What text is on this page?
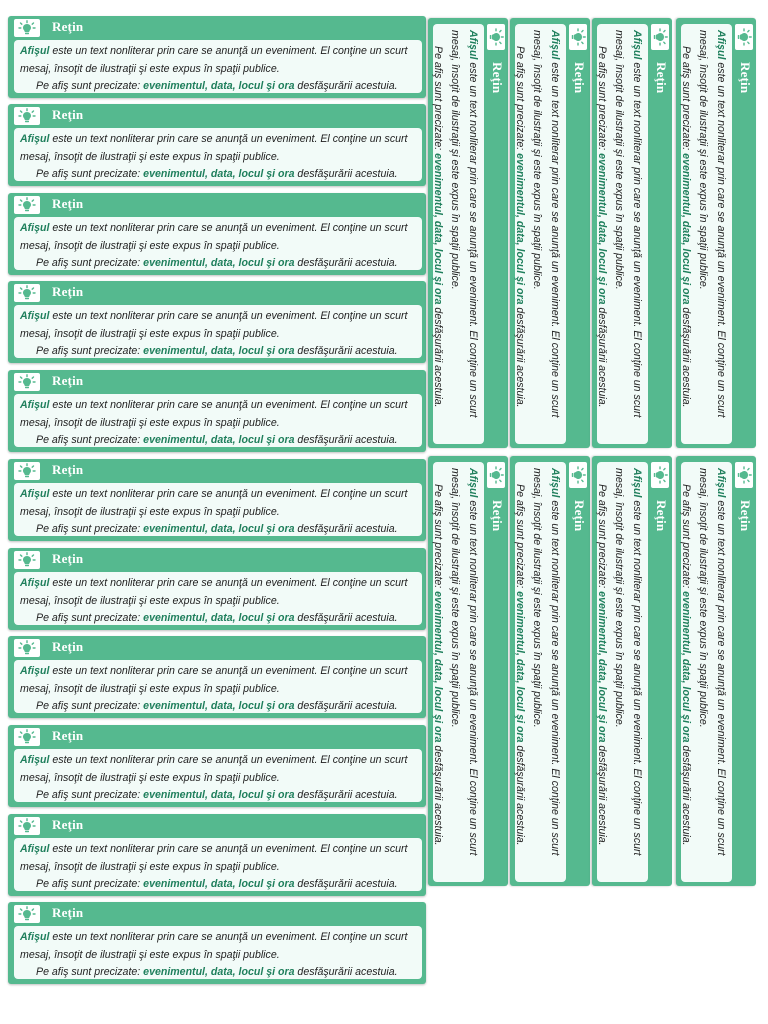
Reţin

Afişul este un text nonliterar prin care se anunţă un eveniment. El conţine un scurt mesaj, însoţit de ilustraţii şi este expus în spaţii publice.

Pe afiş sunt precizate: evenimentul, data, locul şi ora desfăşurării acestuia.

Reţin

Afişul este un text nonliterar prin care se anunţă un eveniment. El conţine un scurt mesaj, însoţit de ilustraţii şi este expus în spaţii publice.

Pe afiş sunt precizate: evenimentul, data, locul şi ora desfăşurării acestuia.

Reţin

Afişul este un text nonliterar prin care se anunţă un eveniment. El conţine un scurt mesaj, însoţit de ilustraţii şi este expus în spaţii publice.

Pe afiş sunt precizate: evenimentul, data, locul şi ora desfăşurării acestuia.

Reţin

Afişul este un text nonliterar prin care se anunţă un eveniment. El conţine un scurt mesaj, însoţit de ilustraţii şi este expus în spaţii publice.

Pe afiş sunt precizate: evenimentul, data, locul şi ora desfăşurării acestuia.

Reţin

Afişul este un text nonliterar prin care se anunţă un eveniment. El conţine un scurt mesaj, însoţit de ilustraţii şi este expus în spaţii publice.

Pe afiş sunt precizate: evenimentul, data, locul şi ora desfăşurării acestuia.

Reţin

Afişul este un text nonliterar prin care se anunţă un eveniment. El conţine un scurt mesaj, însoţit de ilustraţii şi este expus în spaţii publice.

Pe afiş sunt precizate: evenimentul, data, locul şi ora desfăşurării acestuia.

Reţin

Afişul este un text nonliterar prin care se anunţă un eveniment. El conţine un scurt mesaj, însoţit de ilustraţii şi este expus în spaţii publice.

Pe afiş sunt precizate: evenimentul, data, locul şi ora desfăşurării acestuia.

Reţin

Afişul este un text nonliterar prin care se anunţă un eveniment. El conţine un scurt mesaj, însoţit de ilustraţii şi este expus în spaţii publice.

Pe afiş sunt precizate: evenimentul, data, locul şi ora desfăşurării acestuia.

Reţin

Afişul este un text nonliterar prin care se anunţă un eveniment. El conţine un scurt mesaj, însoţit de ilustraţii şi este expus în spaţii publice.

Pe afiş sunt precizate: evenimentul, data, locul şi ora desfăşurării acestuia.

Reţin

Afişul este un text nonliterar prin care se anunţă un eveniment. El conţine un scurt mesaj, însoţit de ilustraţii şi este expus în spaţii publice.

Pe afiş sunt precizate: evenimentul, data, locul şi ora desfăşurării acestuia.

Reţin

Afişul este un text nonliterar prin care se anunţă un eveniment. El conţine un scurt mesaj, însoţit de ilustraţii şi este expus în spaţii publice.

Pe afiş sunt precizate: evenimentul, data, locul şi ora desfăşurării acestuia.

Reţin

Afişul este un text nonliterar prin care se anunţă un eveniment. El conţine un scurt mesaj, însoţit de ilustraţii şi este expus în spaţii publice.

Pe afiş sunt precizate: evenimentul, data, locul şi ora desfăşurării acestuia.

Reţin

Afişul este un text nonliterar prin care se anunţă un eveniment. El conţine un scurt mesaj, însoţit de ilustraţii şi este expus în spaţii publice.

Pe afiş sunt precizate: evenimentul, data, locul şi ora desfăşurării acestuia.

Reţin

Afişul este un text nonliterar prin care se anunţă un eveniment. El conţine un scurt mesaj, însoţit de ilustraţii şi este expus în spaţii publice.

Pe afiş sunt precizate: evenimentul, data, locul şi ora desfăşurării acestuia.

Reţin

Afişul este un text nonliterar prin care se anunţă un eveniment. El conţine un scurt mesaj, însoţit de ilustraţii şi este expus în spaţii publice.

Pe afiş sunt precizate: evenimentul, data, locul şi ora desfăşurării acestuia.

Reţin

Afişul este un text nonliterar prin care se anunţă un eveniment. El conţine un scurt mesaj, însoţit de ilustraţii şi este expus în spaţii publice.

Pe afiş sunt precizate: evenimentul, data, locul şi ora desfăşurării acestuia.

Reţin

Afişul este un text nonliterar prin care se anunţă un eveniment. El conţine un scurt mesaj, însoţit de ilustraţii şi este expus în spaţii publice.

Pe afiş sunt precizate: evenimentul, data, locul şi ora desfăşurării acestuia.

Reţin

Afişul este un text nonliterar prin care se anunţă un eveniment. El conţine un scurt mesaj, însoţit de ilustraţii şi este expus în spaţii publice.

Pe afiş sunt precizate: evenimentul, data, locul şi ora desfăşurării acestuia.

Reţin

Afişul este un text nonliterar prin care se anunţă un eveniment. El conţine un scurt mesaj, însoţit de ilustraţii şi este expus în spaţii publice.

Pe afiş sunt precizate: evenimentul, data, locul şi ora desfăşurării acestuia.
